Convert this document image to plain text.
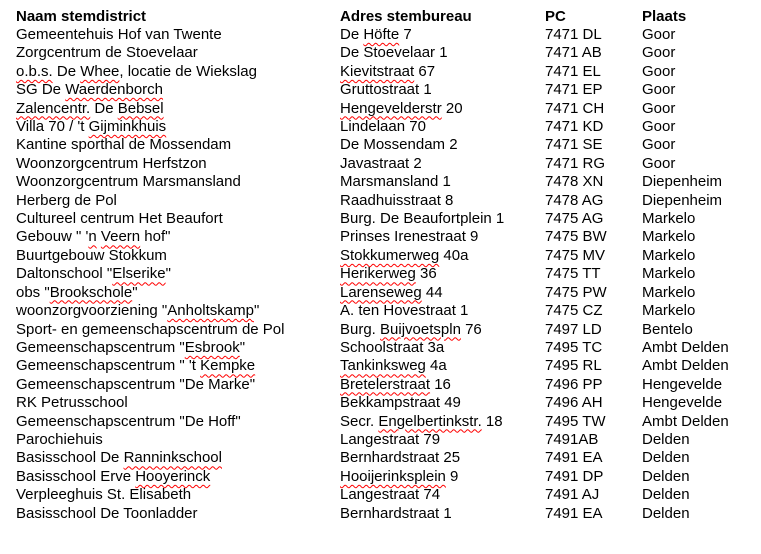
Naam stemdistrict	Adres stembureau	PC	Plaats
Gemeentehuis Hof van Twente	De Höfte 7	7471 DL	Goor
Zorgcentrum de Stoevelaar	De Stoevelaar 1	7471 AB	Goor
o.b.s. De Whee, locatie de Wiekslag	Kievitstraat 67	7471 EL	Goor
SG De Waerdenborch	Gruttostraat 1	7471 EP	Goor
Zalencentr. De Bebsel	Hengevelderstr 20	7471 CH	Goor
Villa 70 / 't Gijminkhuis	Lindelaan 70	7471 KD	Goor
Kantine sporthal de Mossendam	De Mossendam 2	7471 SE	Goor
Woonzorgcentrum Herfstzon	Javastraat 2	7471 RG	Goor
Woonzorgcentrum Marsmansland	Marsmansland 1	7478 XN	Diepenheim
Herberg de Pol	Raadhuisstraat 8	7478 AG	Diepenheim
Cultureel centrum Het Beaufort	Burg. De Beaufortplein 1	7475 AG	Markelo
Gebouw " 'n Veern hof"	Prinses Irenestraat 9	7475 BW	Markelo
Buurtgebouw Stokkum	Stokkumerweg 40a	7475 MV	Markelo
Daltonschool "Elserike"	Herikerweg 36	7475 TT	Markelo
obs "Brookschole"	Larenseweg 44	7475 PW	Markelo
woonzorgvoorziening "Anholtskamp"	A. ten Hovestraat 1	7475 CZ	Markelo
Sport- en gemeenschapscentrum de Pol	Burg. Buijvoetspln 76	7497 LD	Bentelo
Gemeenschapscentrum "Esbrook"	Schoolstraat 3a	7495 TC	Ambt Delden
Gemeenschapscentrum " 't Kempke	Tankinksweg 4a	7495 RL	Ambt Delden
Gemeenschapscentrum "De Marke"	Bretelerstraat 16	7496 PP	Hengevelde
RK Petrusschool	Bekkampstraat 49	7496 AH	Hengevelde
Gemeenschapscentrum "De Hoff"	Secr. Engelbertinkstr. 18	7495 TW	Ambt Delden
Parochiehuis	Langestraat 79	7491AB	Delden
Basisschool De Ranninkschool	Bernhardstraat 25	7491 EA	Delden
Basisschool Erve Hooyerinck	Hooijerinksplein 9	7491 DP	Delden
Verpleeghuis St. Elisabeth	Langestraat 74	7491 AJ	Delden
Basisschool De Toonladder	Bernhardstraat 1	7491 EA	Delden
